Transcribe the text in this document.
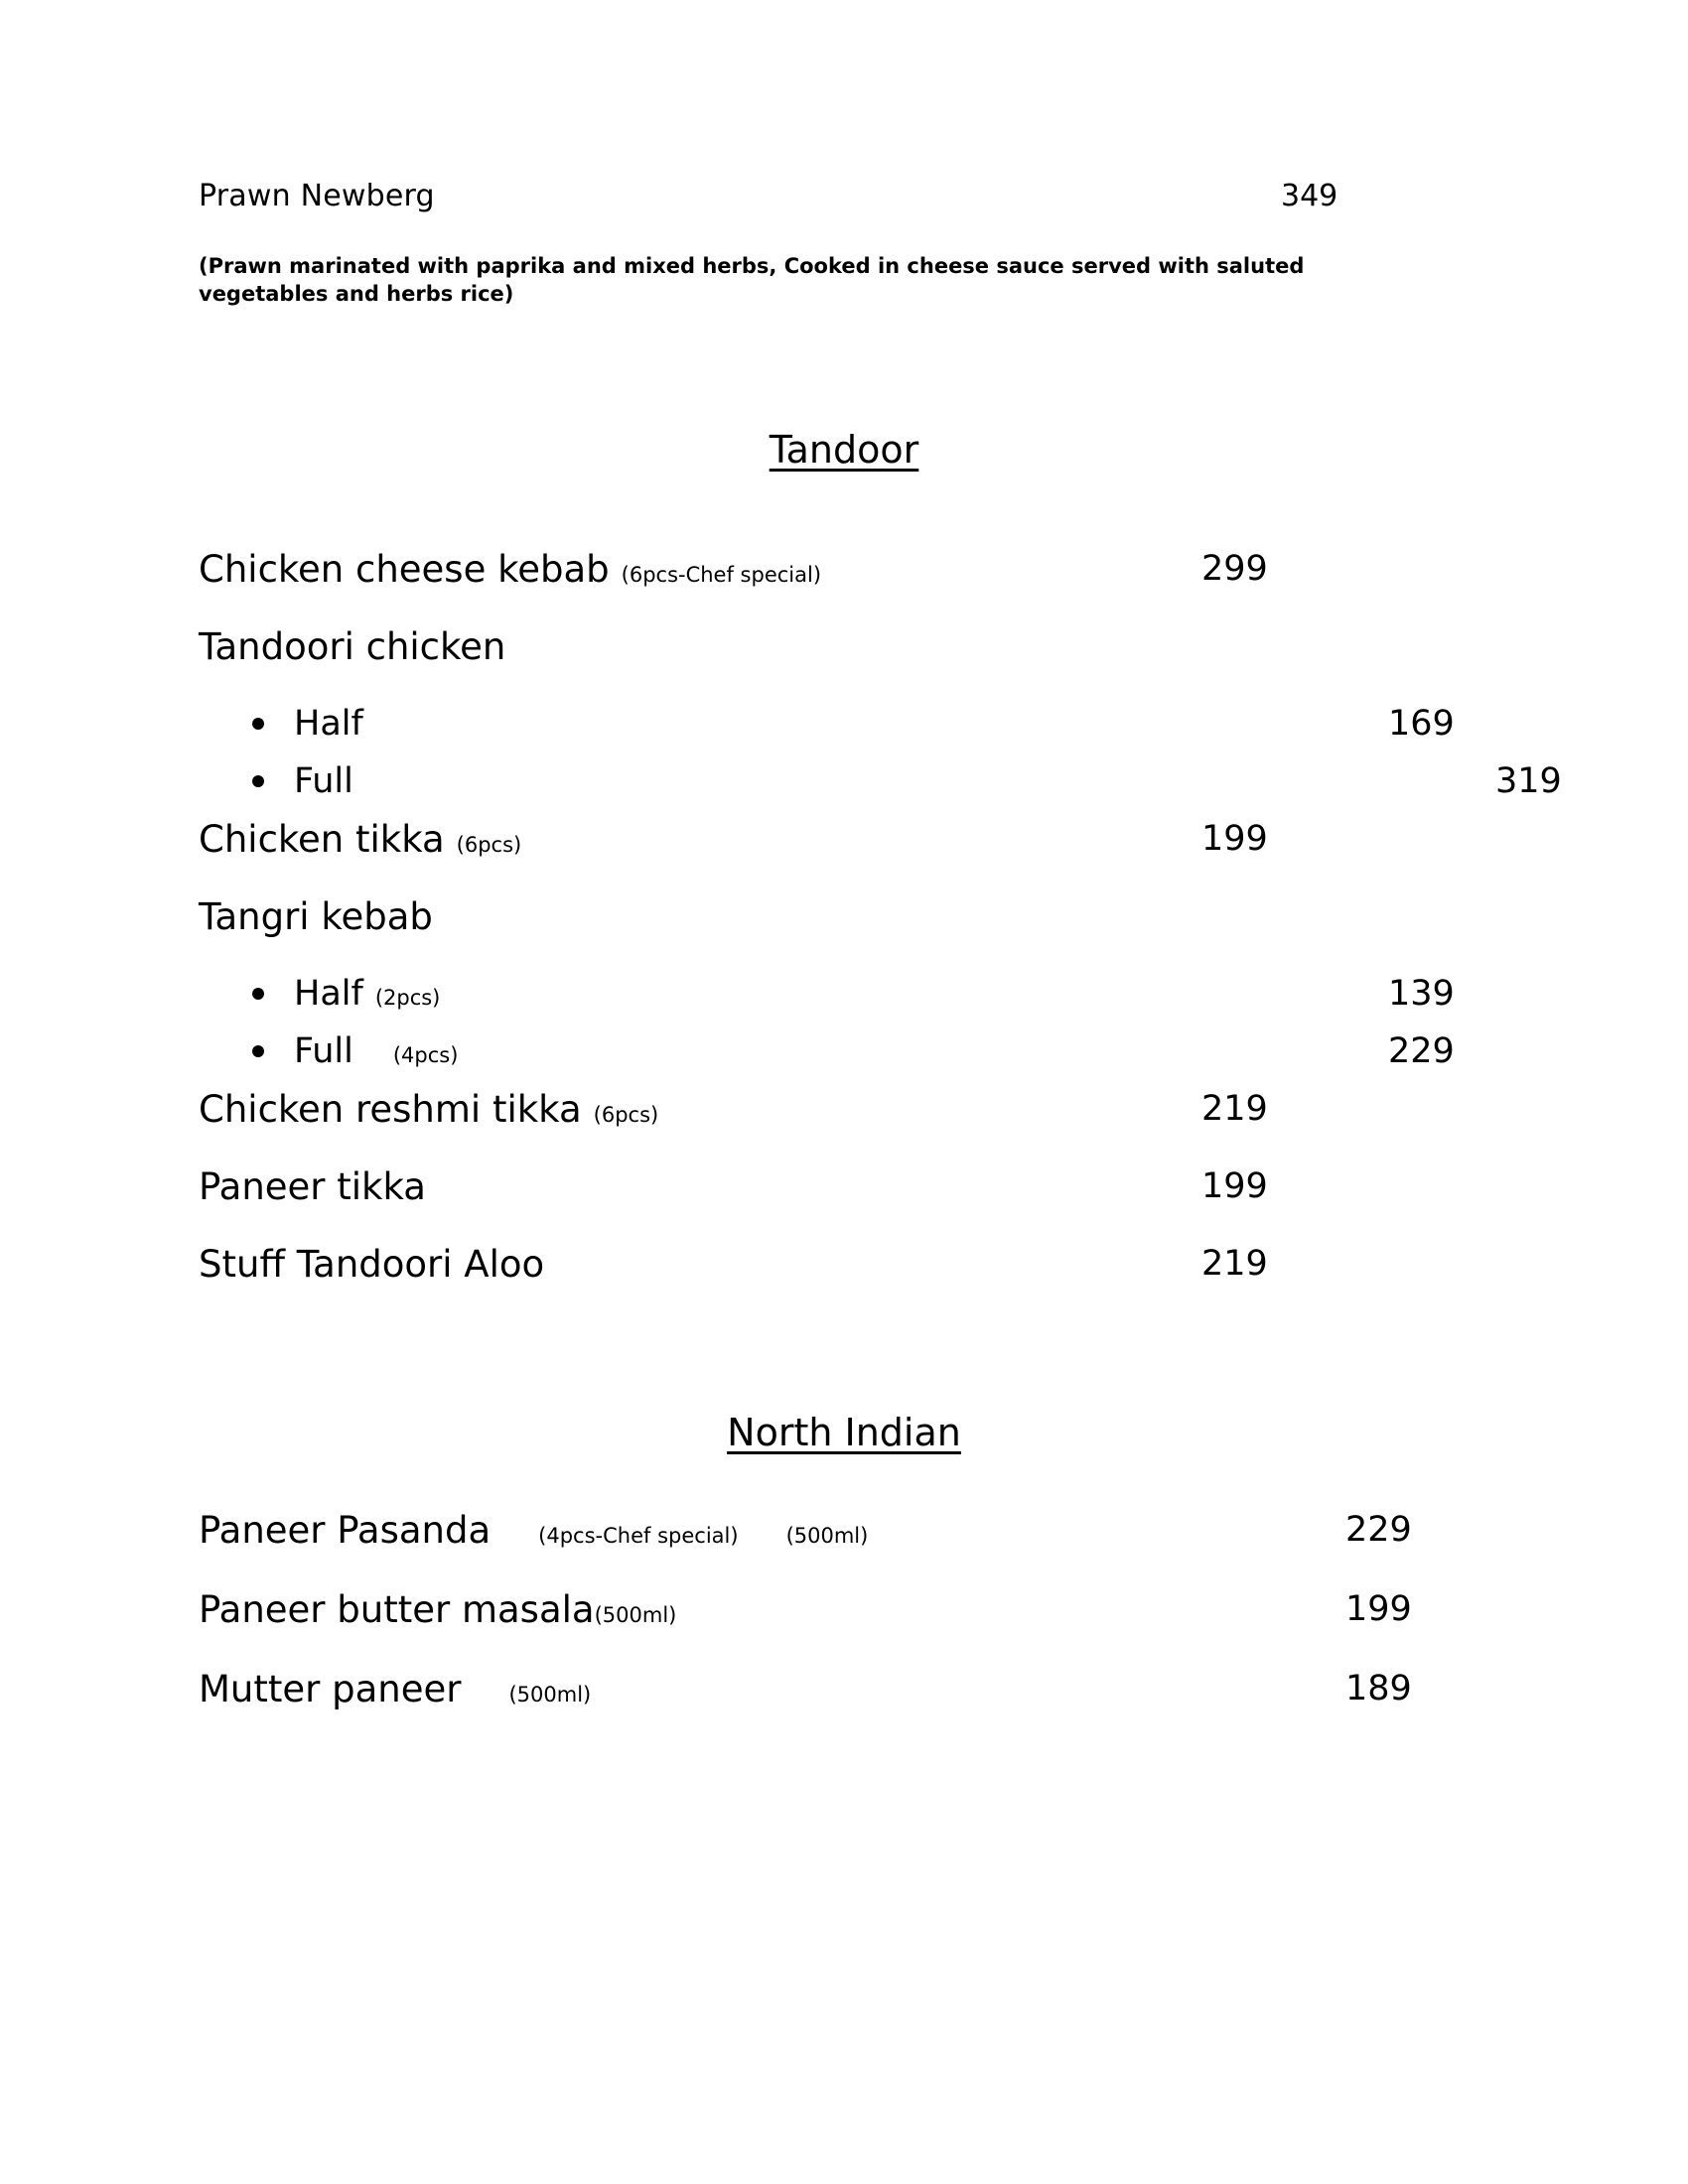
Prawn Newberg	349
(Prawn marinated with paprika and mixed herbs, Cooked in cheese sauce served with saluted vegetables and herbs rice)
Tandoor
Chicken cheese kebab (6pcs-Chef special)	299
Tandoori chicken
Half	169
Full	319
Chicken tikka (6pcs)	199
Tangri kebab
Half (2pcs)	139
Full (4pcs)	229
Chicken reshmi tikka (6pcs)	219
Paneer tikka	199
Stuff Tandoori Aloo	219
North Indian
Paneer Pasanda (4pcs-Chef special) (500ml)	229
Paneer butter masala (500ml)	199
Mutter paneer (500ml)	189
